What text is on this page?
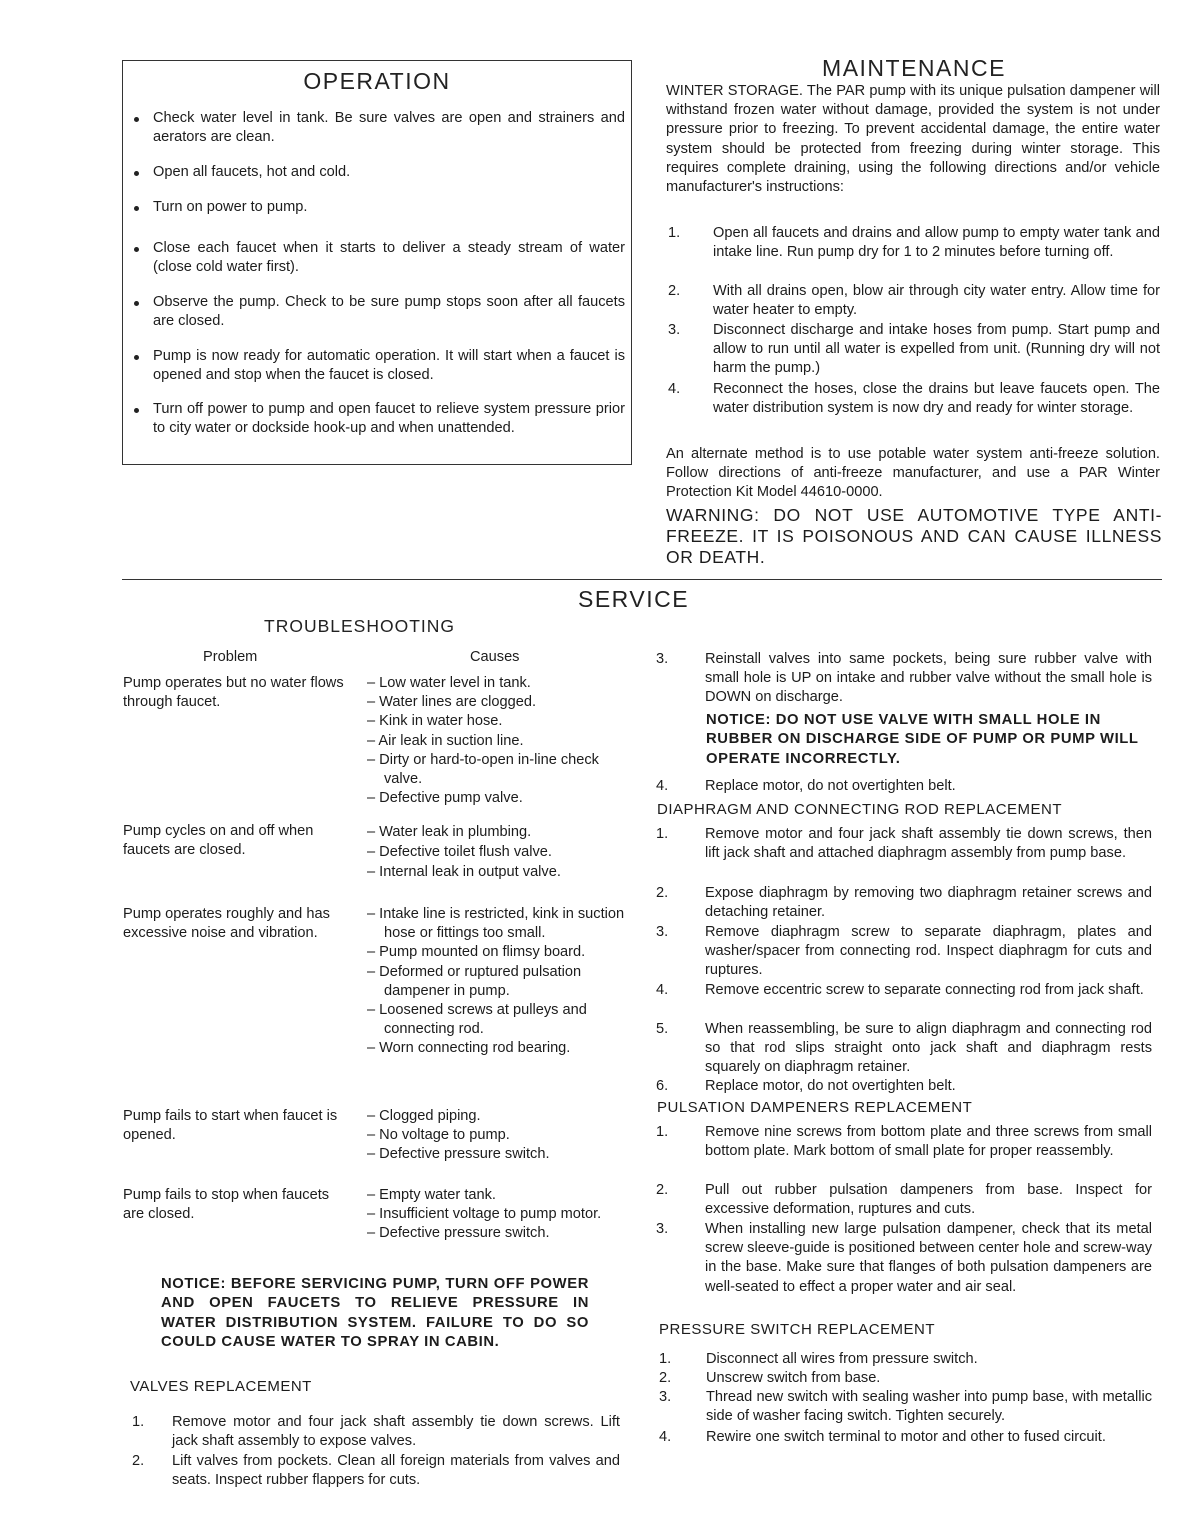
OPERATION

Check water level in tank. Be sure valves are open and strainers and aerators are clean.

Open all faucets, hot and cold.

Turn on power to pump.

Close each faucet when it starts to deliver a steady stream of water (close cold water first).

Observe the pump. Check to be sure pump stops soon after all faucets are closed.

Pump is now ready for automatic operation. It will start when a faucet is opened and stop when the faucet is closed.

Turn off power to pump and open faucet to relieve system pressure prior to city water or dockside hook-up and when unattended.

MAINTENANCE

WINTER STORAGE. The PAR pump with its unique pulsation dampener will withstand frozen water without damage, provided the system is not under pressure prior to freezing. To prevent accidental damage, the entire water system should be protected from freezing during winter storage. This requires complete draining, using the following directions and/or vehicle manufacturer's instructions:

1. Open all faucets and drains and allow pump to empty water tank and intake line. Run pump dry for 1 to 2 minutes before turning off.

2. With all drains open, blow air through city water entry. Allow time for water heater to empty.

3. Disconnect discharge and intake hoses from pump. Start pump and allow to run until all water is expelled from unit. (Running dry will not harm the pump.)

4. Reconnect the hoses, close the drains but leave faucets open. The water distribution system is now dry and ready for winter storage.

An alternate method is to use potable water system anti-freeze solution. Follow directions of anti-freeze manufacturer, and use a PAR Winter Protection Kit Model 44610-0000.

WARNING: DO NOT USE AUTOMOTIVE TYPE ANTI-FREEZE. IT IS POISONOUS AND CAN CAUSE ILLNESS OR DEATH.

SERVICE
TROUBLESHOOTING
Problem	Causes

Pump operates but no water flows through faucet.

– Low water level in tank.
– Water lines are clogged.
– Kink in water hose.
– Air leak in suction line.
– Dirty or hard-to-open in-line check valve.
– Defective pump valve.

Pump cycles on and off when faucets are closed.

– Water leak in plumbing.
– Defective toilet flush valve.
– Internal leak in output valve.

Pump operates roughly and has excessive noise and vibration.

– Intake line is restricted, kink in suction hose or fittings too small.
– Pump mounted on flimsy board.
– Deformed or ruptured pulsation dampener in pump.
– Loosened screws at pulleys and connecting rod.
– Worn connecting rod bearing.

Pump fails to start when faucet is opened.

– Clogged piping.
– No voltage to pump.
– Defective pressure switch.

Pump fails to stop when faucets are closed.

– Empty water tank.
– Insufficient voltage to pump motor.
– Defective pressure switch.

NOTICE: BEFORE SERVICING PUMP, TURN OFF POWER AND OPEN FAUCETS TO RELIEVE PRESSURE IN WATER DISTRIBUTION SYSTEM. FAILURE TO DO SO COULD CAUSE WATER TO SPRAY IN CABIN.

VALVES REPLACEMENT
1. Remove motor and four jack shaft assembly tie down screws. Lift jack shaft assembly to expose valves.

2. Lift valves from pockets. Clean all foreign materials from valves and seats. Inspect rubber flappers for cuts.

3.	Reinstall valves into same pockets, being sure rubber valve with small hole is UP on intake and rubber valve without the small hole is DOWN on discharge.

NOTICE: DO NOT USE VALVE WITH SMALL HOLE IN RUBBER ON DISCHARGE SIDE OF PUMP OR PUMP WILL OPERATE INCORRECTLY.

4.	Replace motor, do not overtighten belt.

DIAPHRAGM AND CONNECTING ROD REPLACEMENT
1.	Remove motor and four jack shaft assembly tie down screws, then lift jack shaft and attached diaphragm assembly from pump base.

2.	Expose diaphragm by removing two diaphragm retainer screws and detaching retainer.

3.	Remove diaphragm screw to separate diaphragm, plates and washer/spacer from connecting rod. Inspect diaphragm for cuts and ruptures.

4.	Remove eccentric screw to separate connecting rod from jack shaft.

5.	When reassembling, be sure to align diaphragm and connecting rod so that rod slips straight onto jack shaft and diaphragm rests squarely on diaphragm retainer.

6.	Replace motor, do not overtighten belt.

PULSATION DAMPENERS REPLACEMENT
1.	Remove nine screws from bottom plate and three screws from small bottom plate. Mark bottom of small plate for proper reassembly.

2.	Pull out rubber pulsation dampeners from base. Inspect for excessive deformation, ruptures and cuts.

3.	When installing new large pulsation dampener, check that its metal screw sleeve-guide is positioned between center hole and screw-way in the base. Make sure that flanges of both pulsation dampeners are well-seated to effect a proper water and air seal.

PRESSURE SWITCH REPLACEMENT
1. Disconnect all wires from pressure switch.

2. Unscrew switch from base.

3. Thread new switch with sealing washer into pump base, with metallic side of washer facing switch. Tighten securely.

4. Rewire one switch terminal to motor and other to fused circuit.
